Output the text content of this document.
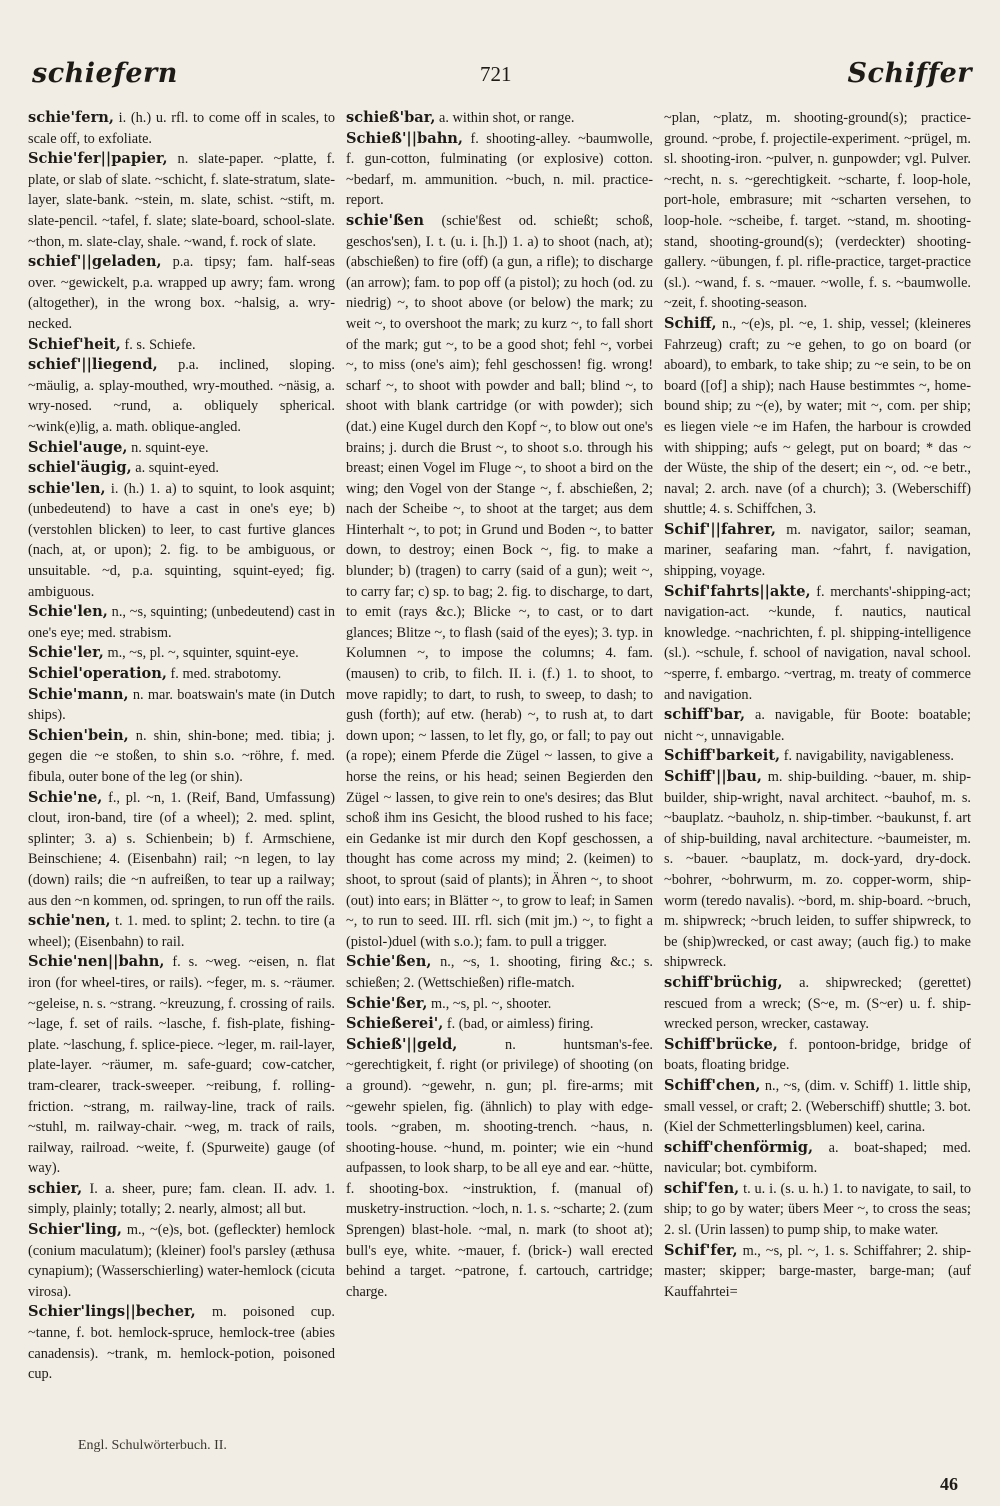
schiefern	721	Schiffer

schie'fern, i. (h.) u. rfl. to come off in scales, to scale off, to exfoliate.

Schie'fer||papier, n. slate-paper. ~platte, f. plate, or slab of slate. ~schicht, f. slate-stratum, slate-layer, slate-bank. ~stein, m. slate, schist. ~stift, m. slate-pencil. ~tafel, f. slate; slate-board, school-slate. ~thon, m. slate-clay, shale. ~wand, f. rock of slate.

schief'||geladen, p.a. tipsy; fam. half-seas over. ~gewickelt, p.a. wrapped up awry; fam. wrong (altogether), in the wrong box. ~halsig, a. wry-necked.

Schief'heit, f. s. Schiefe.

schief'||liegend, p.a. inclined, sloping. ~mäulig, a. splay-mouthed, wry-mouthed. ~näsig, a. wry-nosed. ~rund, a. obliquely spherical. ~wink(e)lig, a. math. oblique-angled.

Schiel'auge, n. squint-eye.

schiel'äugig, a. squint-eyed.

schie'len, i. (h.) 1. a) to squint, to look asquint; (unbedeutend) to have a cast in one's eye; b) (verstohlen blicken) to leer, to cast furtive glances (nach, at, or upon); 2. fig. to be ambiguous, or unsuitable. ~d, p.a. squinting, squint-eyed; fig. ambiguous.

Schie'len, n., ~s, squinting; (unbedeutend) cast in one's eye; med. strabism.

Schie'ler, m., ~s, pl. ~, squinter, squint-eye.

Schiel'operation, f. med. strabotomy.

Schie'mann, n. mar. boatswain's mate (in Dutch ships).

Schien'bein, n. shin, shin-bone; med. tibia; j. gegen die ~e stoßen, to shin s.o. ~röhre, f. med. fibula, outer bone of the leg (or shin).

Schie'ne, f., pl. ~n, 1. (Reif, Band, Umfassung) clout, iron-band, tire (of a wheel); 2. med. splint, splinter; 3. a) s. Schienbein; b) f. Armschiene, Beinschiene; 4. (Eisenbahn) rail; ~n legen, to lay (down) rails; die ~n aufreißen, to tear up a railway; aus den ~n kommen, od. springen, to run off the rails.

schie'nen, t. 1. med. to splint; 2. techn. to tire (a wheel); (Eisenbahn) to rail.

Schie'nen||bahn, f. s. ~weg. ~eisen, n. flat iron (for wheel-tires, or rails). ~feger, m. s. ~räumer. ~geleise, n. s. ~strang. ~kreuzung, f. crossing of rails. ~lage, f. set of rails. ~lasche, f. fish-plate, fishing-plate. ~laschung, f. splice-piece. ~leger, m. rail-layer, plate-layer. ~räumer, m. safe-guard; cow-catcher, tram-clearer, track-sweeper. ~reibung, f. rolling-friction. ~strang, m. railway-line, track of rails. ~stuhl, m. railway-chair. ~weg, m. track of rails, railway, railroad. ~weite, f. (Spurweite) gauge (of way).

schier, I. a. sheer, pure; fam. clean. II. adv. 1. simply, plainly; totally; 2. nearly, almost; all but.

Schier'ling, m., ~(e)s, bot. (gefleckter) hemlock (conium maculatum); (kleiner) fool's parsley (æthusa cynapium); (Wasserschierling) water-hemlock (cicuta virosa).

Schier'lings||becher, m. poisoned cup. ~tanne, f. bot. hemlock-spruce, hemlock-tree (abies canadensis). ~trank, m. hemlock-potion, poisoned cup.

schieß'bar, a. within shot, or range.

Schieß'||bahn, f. shooting-alley. ~baumwolle, f. gun-cotton, fulminating (or explosive) cotton. ~bedarf, m. ammunition. ~buch, n. mil. practice-report.

schie'ßen (schie'ßest od. schießt; schoß, geschos'sen), I. t. (u. i. [h.]) 1. a) to shoot (nach, at); (abschießen) to fire (off) (a gun, a rifle); to discharge (an arrow); fam. to pop off (a pistol); zu hoch (od. zu niedrig) ~, to shoot above (or below) the mark; zu weit ~, to overshoot the mark; zu kurz ~, to fall short of the mark; gut ~, to be a good shot; fehl ~, vorbei ~, to miss (one's aim); fehl geschossen! fig. wrong! scharf ~, to shoot with powder and ball; blind ~, to shoot with blank cartridge (or with powder); sich (dat.) eine Kugel durch den Kopf ~, to blow out one's brains; j. durch die Brust ~, to shoot s.o. through his breast; einen Vogel im Fluge ~, to shoot a bird on the wing; den Vogel von der Stange ~, f. abschießen, 2; nach der Scheibe ~, to shoot at the target; aus dem Hinterhalt ~, to pot; in Grund und Boden ~, to batter down, to destroy; einen Bock ~, fig. to make a blunder; b) (tragen) to carry (said of a gun); weit ~, to carry far; c) sp. to bag; 2. fig. to discharge, to dart, to emit (rays &c.); Blicke ~, to cast, or to dart glances; Blitze ~, to flash (said of the eyes); 3. typ. in Kolumnen ~, to impose the columns; 4. fam. (mausen) to crib, to filch. II. i. (f.) 1. to shoot, to move rapidly; to dart, to rush, to sweep, to dash; to gush (forth); auf etw. (herab) ~, to rush at, to dart down upon; ~ lassen, to let fly, go, or fall; to pay out (a rope); einem Pferde die Zügel ~ lassen, to give a horse the reins, or his head; seinen Begierden den Zügel ~ lassen, to give rein to one's desires; das Blut schoß ihm ins Gesicht, the blood rushed to his face; ein Gedanke ist mir durch den Kopf geschossen, a thought has come across my mind; 2. (keimen) to shoot, to sprout (said of plants); in Ähren ~, to shoot (out) into ears; in Blätter ~, to grow to leaf; in Samen ~, to run to seed. III. rfl. sich (mit jm.) ~, to fight a (pistol-)duel (with s.o.); fam. to pull a trigger.

Schie'ßen, n., ~s, 1. shooting, firing &c.; s. schießen; 2. (Wettschießen) rifle-match.

Schie'ßer, m., ~s, pl. ~, shooter.

Schießerei', f. (bad, or aimless) firing.

Schieß'||geld, n. huntsman's-fee. ~gerechtigkeit, f. right (or privilege) of shooting (on a ground). ~gewehr, n. gun; pl. fire-arms; mit ~gewehr spielen, fig. (ähnlich) to play with edge-tools. ~graben, m. shooting-trench. ~haus, n. shooting-house. ~hund, m. pointer; wie ein ~hund aufpassen, to look sharp, to be all eye and ear. ~hütte, f. shooting-box. ~instruktion, f. (manual of) musketry-instruction. ~loch, n. 1. s. ~scharte; 2. (zum Sprengen) blast-hole. ~mal, n. mark (to shoot at); bull's eye, white. ~mauer, f. (brick-) wall erected behind a target. ~patrone, f. cartouch, cartridge; charge.

~plan, ~platz, m. shooting-ground(s); practice-ground. ~probe, f. projectile-experiment. ~prügel, m. sl. shooting-iron. ~pulver, n. gunpowder; vgl. Pulver. ~recht, n. s. ~gerechtigkeit. ~scharte, f. loop-hole, port-hole, embrasure; mit ~scharten versehen, to loop-hole. ~scheibe, f. target. ~stand, m. shooting-stand, shooting-ground(s); (verdeckter) shooting-gallery. ~übungen, f. pl. rifle-practice, target-practice (sl.). ~wand, f. s. ~mauer. ~wolle, f. s. ~baumwolle. ~zeit, f. shooting-season.

Schiff, n., ~(e)s, pl. ~e, 1. ship, vessel; (kleineres Fahrzeug) craft; zu ~e gehen, to go on board (or aboard), to embark, to take ship; zu ~e sein, to be on board ([of] a ship); nach Hause bestimmtes ~, home-bound ship; zu ~(e), by water; mit ~, com. per ship; es liegen viele ~e im Hafen, the harbour is crowded with shipping; aufs ~ gelegt, put on board; * das ~ der Wüste, the ship of the desert; ein ~, od. ~e betr., naval; 2. arch. nave (of a church); 3. (Weberschiff) shuttle; 4. s. Schiffchen, 3.

Schif'||fahrer, m. navigator, sailor; seaman, mariner, seafaring man. ~fahrt, f. navigation, shipping, voyage.

Schif'fahrts||akte, f. merchants'-shipping-act; navigation-act. ~kunde, f. nautics, nautical knowledge. ~nachrichten, f. pl. shipping-intelligence (sl.). ~schule, f. school of navigation, naval school. ~sperre, f. embargo. ~vertrag, m. treaty of commerce and navigation.

schiff'bar, a. navigable, für Boote: boatable; nicht ~, unnavigable.

Schiff'barkeit, f. navigability, navigableness.

Schiff'||bau, m. ship-building. ~bauer, m. ship-builder, ship-wright, naval architect. ~bauhof, m. s. ~bauplatz. ~bauholz, n. ship-timber. ~baukunst, f. art of ship-building, naval architecture. ~baumeister, m. s. ~bauer. ~bauplatz, m. dock-yard, dry-dock. ~bohrer, ~bohrwurm, m. zo. copper-worm, ship-worm (teredo navalis). ~bord, m. ship-board. ~bruch, m. shipwreck; ~bruch leiden, to suffer shipwreck, to be (ship)wrecked, or cast away; (auch fig.) to make shipwreck.

schiff'brüchig, a. shipwrecked; (gerettet) rescued from a wreck; (S~e, m. (S~er) u. f. ship-wrecked person, wrecker, castaway.

Schiff'brücke, f. pontoon-bridge, bridge of boats, floating bridge.

Schiff'chen, n., ~s, (dim. v. Schiff) 1. little ship, small vessel, or craft; 2. (Weberschiff) shuttle; 3. bot. (Kiel der Schmetterlingsblumen) keel, carina.

schiff'chenförmig, a. boat-shaped; med. navicular; bot. cymbiform.

schif'fen, t. u. i. (s. u. h.) 1. to navigate, to sail, to ship; to go by water; übers Meer ~, to cross the seas; 2. sl. (Urin lassen) to pump ship, to make water.

Schif'fer, m., ~s, pl. ~, 1. s. Schiffahrer; 2. ship-master; skipper; barge-master, barge-man; (auf Kauffahrtei=

Engl. Schulwörterbuch. II.
46
